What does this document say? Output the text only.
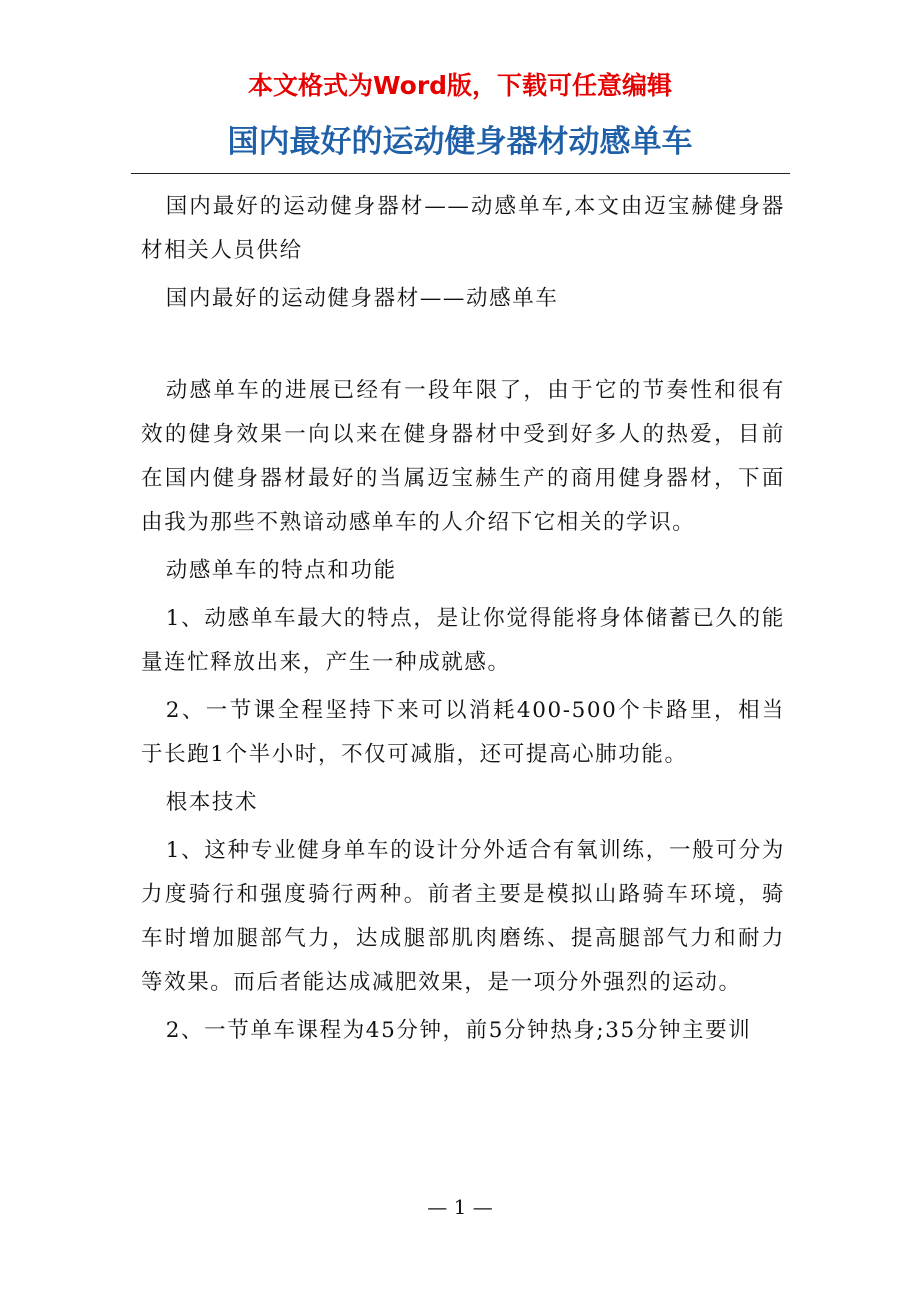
本文格式为Word版，下载可任意编辑

国内最好的运动健身器材动感单车

国内最好的运动健身器材——动感单车,本文由迈宝赫健身器材相关人员供给

国内最好的运动健身器材——动感单车

动感单车的进展已经有一段年限了，由于它的节奏性和很有效的健身效果一向以来在健身器材中受到好多人的热爱，目前在国内健身器材最好的当属迈宝赫生产的商用健身器材，下面由我为那些不熟谙动感单车的人介绍下它相关的学识。

动感单车的特点和功能

1、动感单车最大的特点，是让你觉得能将身体储蓄已久的能量连忙释放出来，产生一种成就感。

2、一节课全程坚持下来可以消耗400-500个卡路里，相当于长跑1个半小时，不仅可减脂，还可提高心肺功能。

根本技术

1、这种专业健身单车的设计分外适合有氧训练，一般可分为力度骑行和强度骑行两种。前者主要是模拟山路骑车环境，骑车时增加腿部气力，达成腿部肌肉磨练、提高腿部气力和耐力等效果。而后者能达成减肥效果，是一项分外强烈的运动。

2、一节单车课程为45分钟，前5分钟热身;35分钟主要训

— 1 —
